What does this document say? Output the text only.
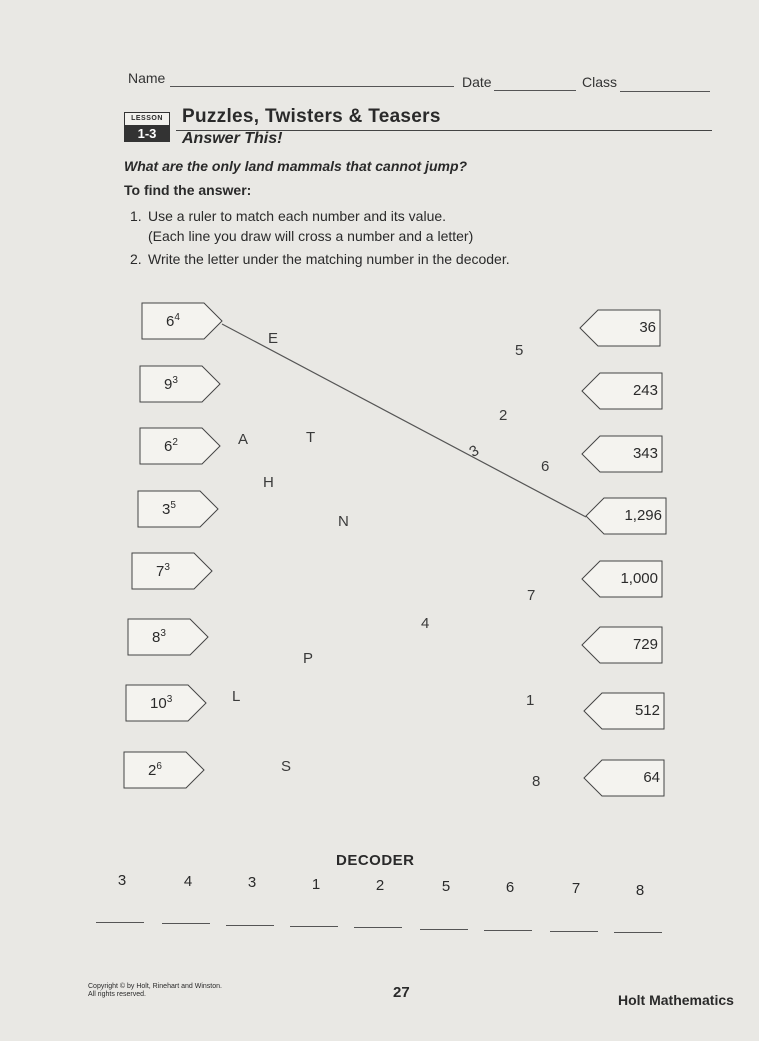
Name	Date	Class
LESSON
1-3
Puzzles, Twisters & Teasers
Answer This!
What are the only land mammals that cannot jump?
To find the answer:
1. Use a ruler to match each number and its value.
(Each line you draw will cross a number and a letter)
2. Write the letter under the matching number in the decoder.
$6^4$
$9^3$
$6^2$
$3^5$
$7^3$
$8^3$
$10^3$
$2^6$
36
243
343
1,296
1,000
729
512
64
E
A	T
H
N
P
L
S
5
2
3
6
7
4
1
8
DECODER
3	4	3	1	2	5	6	7	8
Copyright © by Holt, Rinehart and Winston.
All rights reserved.	27	Holt Mathematics
